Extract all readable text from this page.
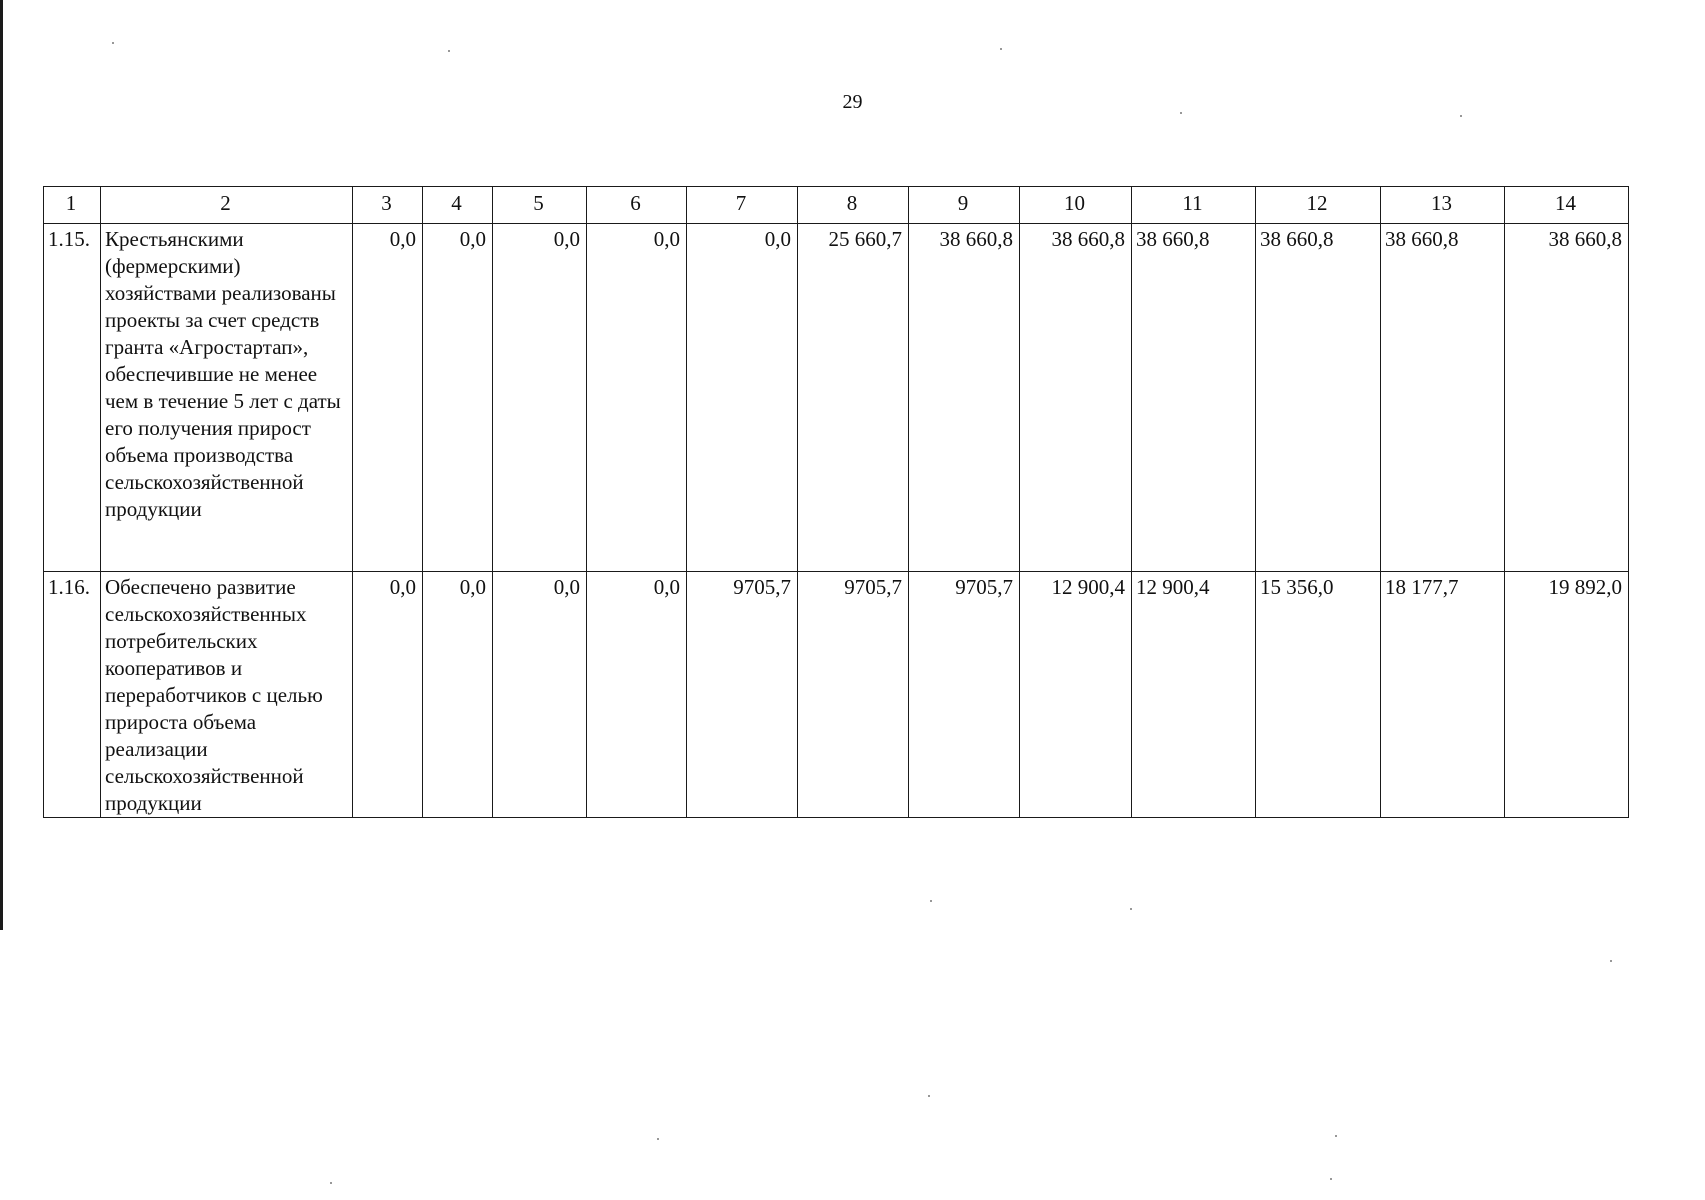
29
1	2	3	4	5	6	7	8	9	10	11	12	13	14
1.15.	Крестьянскими (фермерскими) хозяйствами реализованы проекты за счет средств гранта «Агростартап», обеспечившие не менее чем в течение 5 лет с даты его получения прирост объема производства сельскохозяйственной продукции	0,0	0,0	0,0	0,0	0,0	25 660,7	38 660,8	38 660,8	38 660,8	38 660,8	38 660,8	38 660,8
1.16.	Обеспечено развитие сельскохозяйственных потребительских кооперативов и переработчиков с целью прироста объема реализации сельскохозяйственной продукции	0,0	0,0	0,0	0,0	9705,7	9705,7	9705,7	12 900,4	12 900,4	15 356,0	18 177,7	19 892,0
